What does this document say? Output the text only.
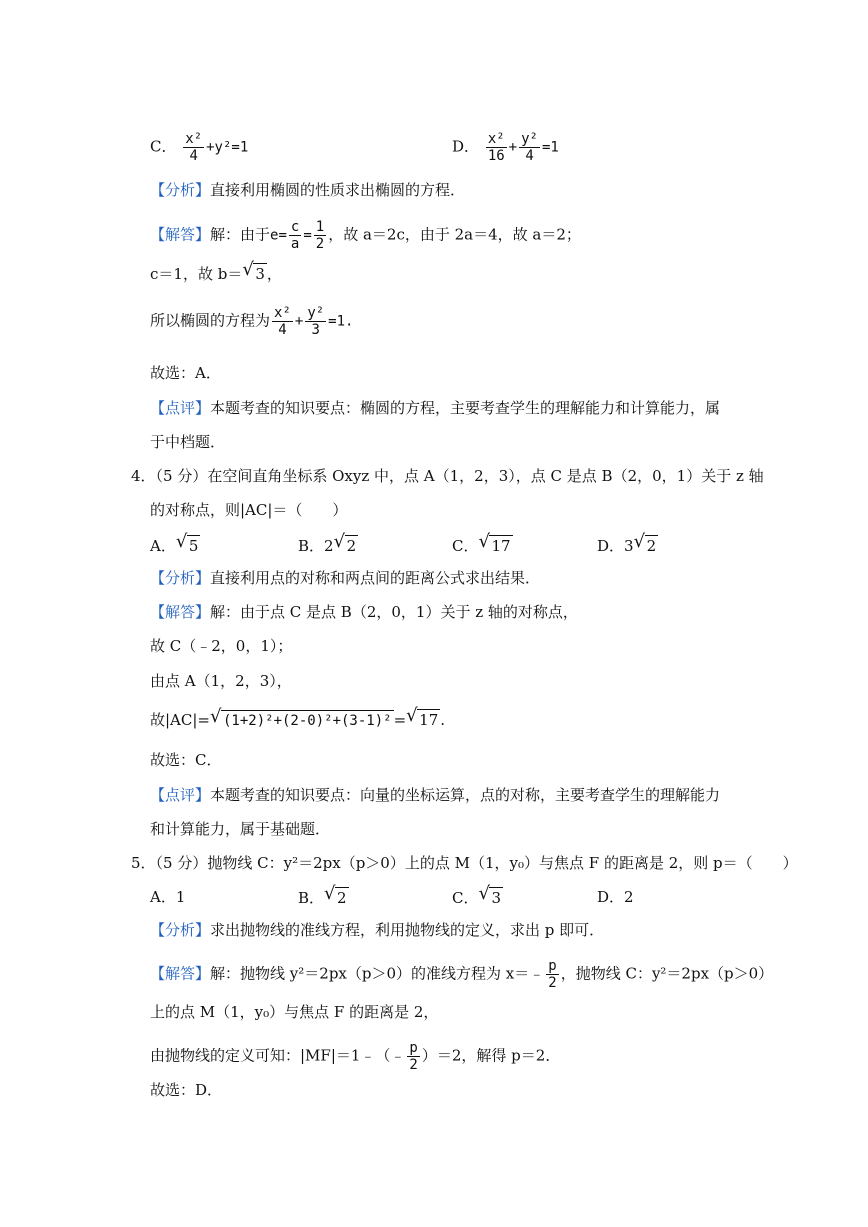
C． $\frac{\text{x²}}{4} +y^2=1$	D． $\frac{\text{x²}}{16} + \frac{\text{y²}}{4} =1$
【分析】直接利用椭圆的性质求出椭圆的方程．
【解答】解：由于$e= \frac{c}{a} = \frac{1}{2}$ ，故 a＝2c，由于 2a＝4，故 a＝2；
c＝1，故 b＝ √ 3 ，
所以椭圆的方程为 $\frac{\text{x²}}{4} + \frac{\text{y²}}{3} =1$.
故选：A．
【点评】本题考查的知识要点：椭圆的方程，主要考查学生的理解能力和计算能力，属
于中档题．
4．（5 分）在空间直角坐标系 Oxyz 中，点 A（1，2，3），点 C 是点 B（2，0，1）关于 z 轴
的对称点，则|AC|＝（　　）
A． √ 5	B．2 √ 2	C． √ 17	D．3 √ 2
【分析】直接利用点的对称和两点间的距离公式求出结果．
【解答】解：由于点 C 是点 B（2，0，1）关于 z 轴的对称点，
故 C（﹣2，0，1）；
由点 A（1，2，3），
故|AC|= √ (1+2)²+(2-0)²+(3-1)² = √ 17 .
故选：C．
【点评】本题考查的知识要点：向量的坐标运算，点的对称，主要考查学生的理解能力
和计算能力，属于基础题．
5．（5 分）抛物线 C：y²＝2px（p＞0）上的点 M（1，y₀）与焦点 F 的距离是 2，则 p＝（　　）
A．1	B． √ 2	C． √ 3	D．2
【分析】求出抛物线的准线方程，利用抛物线的定义，求出 p 即可．
【解答】解：抛物线 y²＝2px（p＞0）的准线方程为 x＝﹣ $\frac{p}{2}$ ，抛物线 C：y²＝2px（p＞0）
上的点 M（1，y₀）与焦点 F 的距离是 2，
由抛物线的定义可知：|MF|＝1﹣（﹣ $\frac{p}{2} )=2$，解得 p＝2．
故选：D．
